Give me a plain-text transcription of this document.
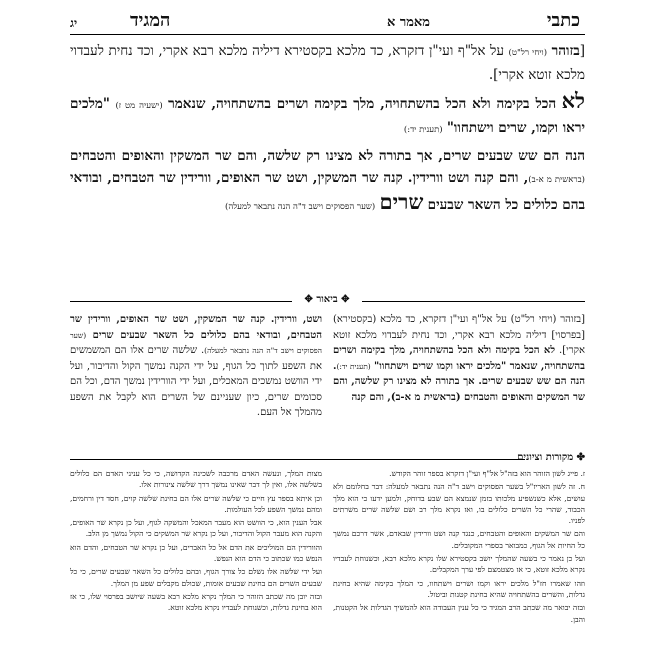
כתבי
מאמר א
המגיד
יג

[בזוהר (ויחי רל"ט) על אל"ף ועי"ן דזקרא, כד מלכא בקסטירא דיליה מלכא רבא אקרי, וכד נחית לעבדוי מלכא זוטא אקרי].

לא הכל בקימה ולא הכל בהשתחויה, מלך בקימה ושרים בהשתחויה, שנאמר (ישעיה מט ז) "מלכים יראו וקמו, שרים וישתחוו" (תענית יד:)

הנה הם שש שבעים שרים, אך בתורה לא מצינו רק שלשה, והם שר המשקין והאופים והטבחים (בראשית מ א-ב), והם קנה ושט וורידין. קנה שר המשקין, ושט שר האופים, וורידין שר הטבחים, ובודאי בהם כלולים כל השאר שבעים שרים (שער הפסוקים וישב ד"ה הנה נתבאר למעלה)

✥ ביאור ✥
[בזוהר (ויחי רל"ט) על אל"ף ועי"ן דזקרא, כד מלכא (בקסטירא) [בפרסוי] דיליה מלכא רבא אקרי, וכד נחית לעבדוי מלכא זוטא אקרי]. לא הכל בקימה ולא הכל בהשתחויה, מלך בקימה ושרים בהשתחויה, שנאמר "מלכים יראו וקמו שרים וישתחוו" (תענית יד:). הנה הם שש שבעים שרים. אך בתורה לא מצינו רק שלשה, והם שר המשקים והאופים והטבחים (בראשית מ א-ב), והם קנה
ושט, וורידין. קנה שר המשקין, ושט שר האופים, וורידין שר הטבחים, ובודאי בהם כלולים כל השאר שבעים שרים (שער הפסוקים וישב ד"ה הנה נתבאר למעלה). שלשה שרים אלו הם המשמשים את השפע לתוך כל הגוף, על ידי הקנה נמשך הקול והדיבור, ועל ידי הוושט נמשכים המאכלים, ועל ידי הוורידין נמשך הדם, וכל הם סכומים שרים, כיון שעניינם של השרים הוא לקבל את השפע מהמלך אל העם.
✤ מקורות וציונים

ז. פייג לשון הזוהר הוא בזה"ל אל"ף ועי"ן דזקרא בספר זוהר הקודש.

ח. זה לשון האריז"ל בשער הפסוקים וישב ד"ה הנה נתבאר למעלה: דבר בחלומם ולא עושים, אלא כשנשפיע מלכותו בזמן שנמצא הם שבע בדוחק, ולמען ידעו כי הוא מלך הכבוד, שהרי כל השרים כלולים בו, ואז נקרא מלך רב ושם שלשה שרים משרתים לפניו.

והם שר המשקים והאופים והטבחים, כנגד קנה ושט וורידין שבאדם, אשר דרכם נמשך כל החיות אל הגוף, כמבואר בספרי המקובלים.

ועל כן נאמר כי בשעה שהמלך יושב בקסטירא שלו נקרא מלכא רבא, וכשנוחת לעבדיו נקרא מלכא זוטא, כי אז מצטמצם לפי ערך המקבלים.

וזהו שאמרו חז"ל מלכים יראו וקמו ושרים וישתחוו, כי המלך בקימה שהיא בחינת גדלות, והשרים בהשתחויה שהיא בחינת קטנות וביטול.

ובזה יבואר מה שכתב הרב המגיד כי כל ענין העבודה הוא להמשיך הגדלות אל הקטנות, והבן.

מצות המלך, ונעשה האדם מרכבה לשכינה הקדושה, כי כל עניני האדם הם כלולים בשלשה אלו, ואין לך דבר שאינו נמשך דרך שלשה צינורות אלו.

וכן איתא בספר עץ חיים כי שלשה שרים אלו הם בחינת שלשה קוים, חסד דין ורחמים, ומהם נמשך השפע לכל העולמות.

אבל הענין הוא, כי הוושט הוא מעבר המאכל והמשקה לגוף, ועל כן נקרא שר האופים, והקנה הוא מעבר הקול והדיבור, ועל כן נקרא שר המשקים כי הקול נמשך מן הלב.

והוורידין הם המוליכים את הדם אל כל האברים, ועל כן נקרא שר הטבחים, והדם הוא הנפש כמו שכתוב כי הדם הוא הנפש.

ועל ידי שלשה אלו נשלם כל צורך הגוף, ובהם כלולים כל השאר שבעים שרים, כי כל שבעים השרים הם בחינת שבעים אומות, שכולם מקבלים שפע מן המלך.

ובזה יובן מה שכתב הזוהר כי המלך נקרא מלכא רבא בשעה שיושב בפרסוי שלו, כי אז הוא בחינת גדלות, וכשנוחת לעבדיו נקרא מלכא זוטא.
